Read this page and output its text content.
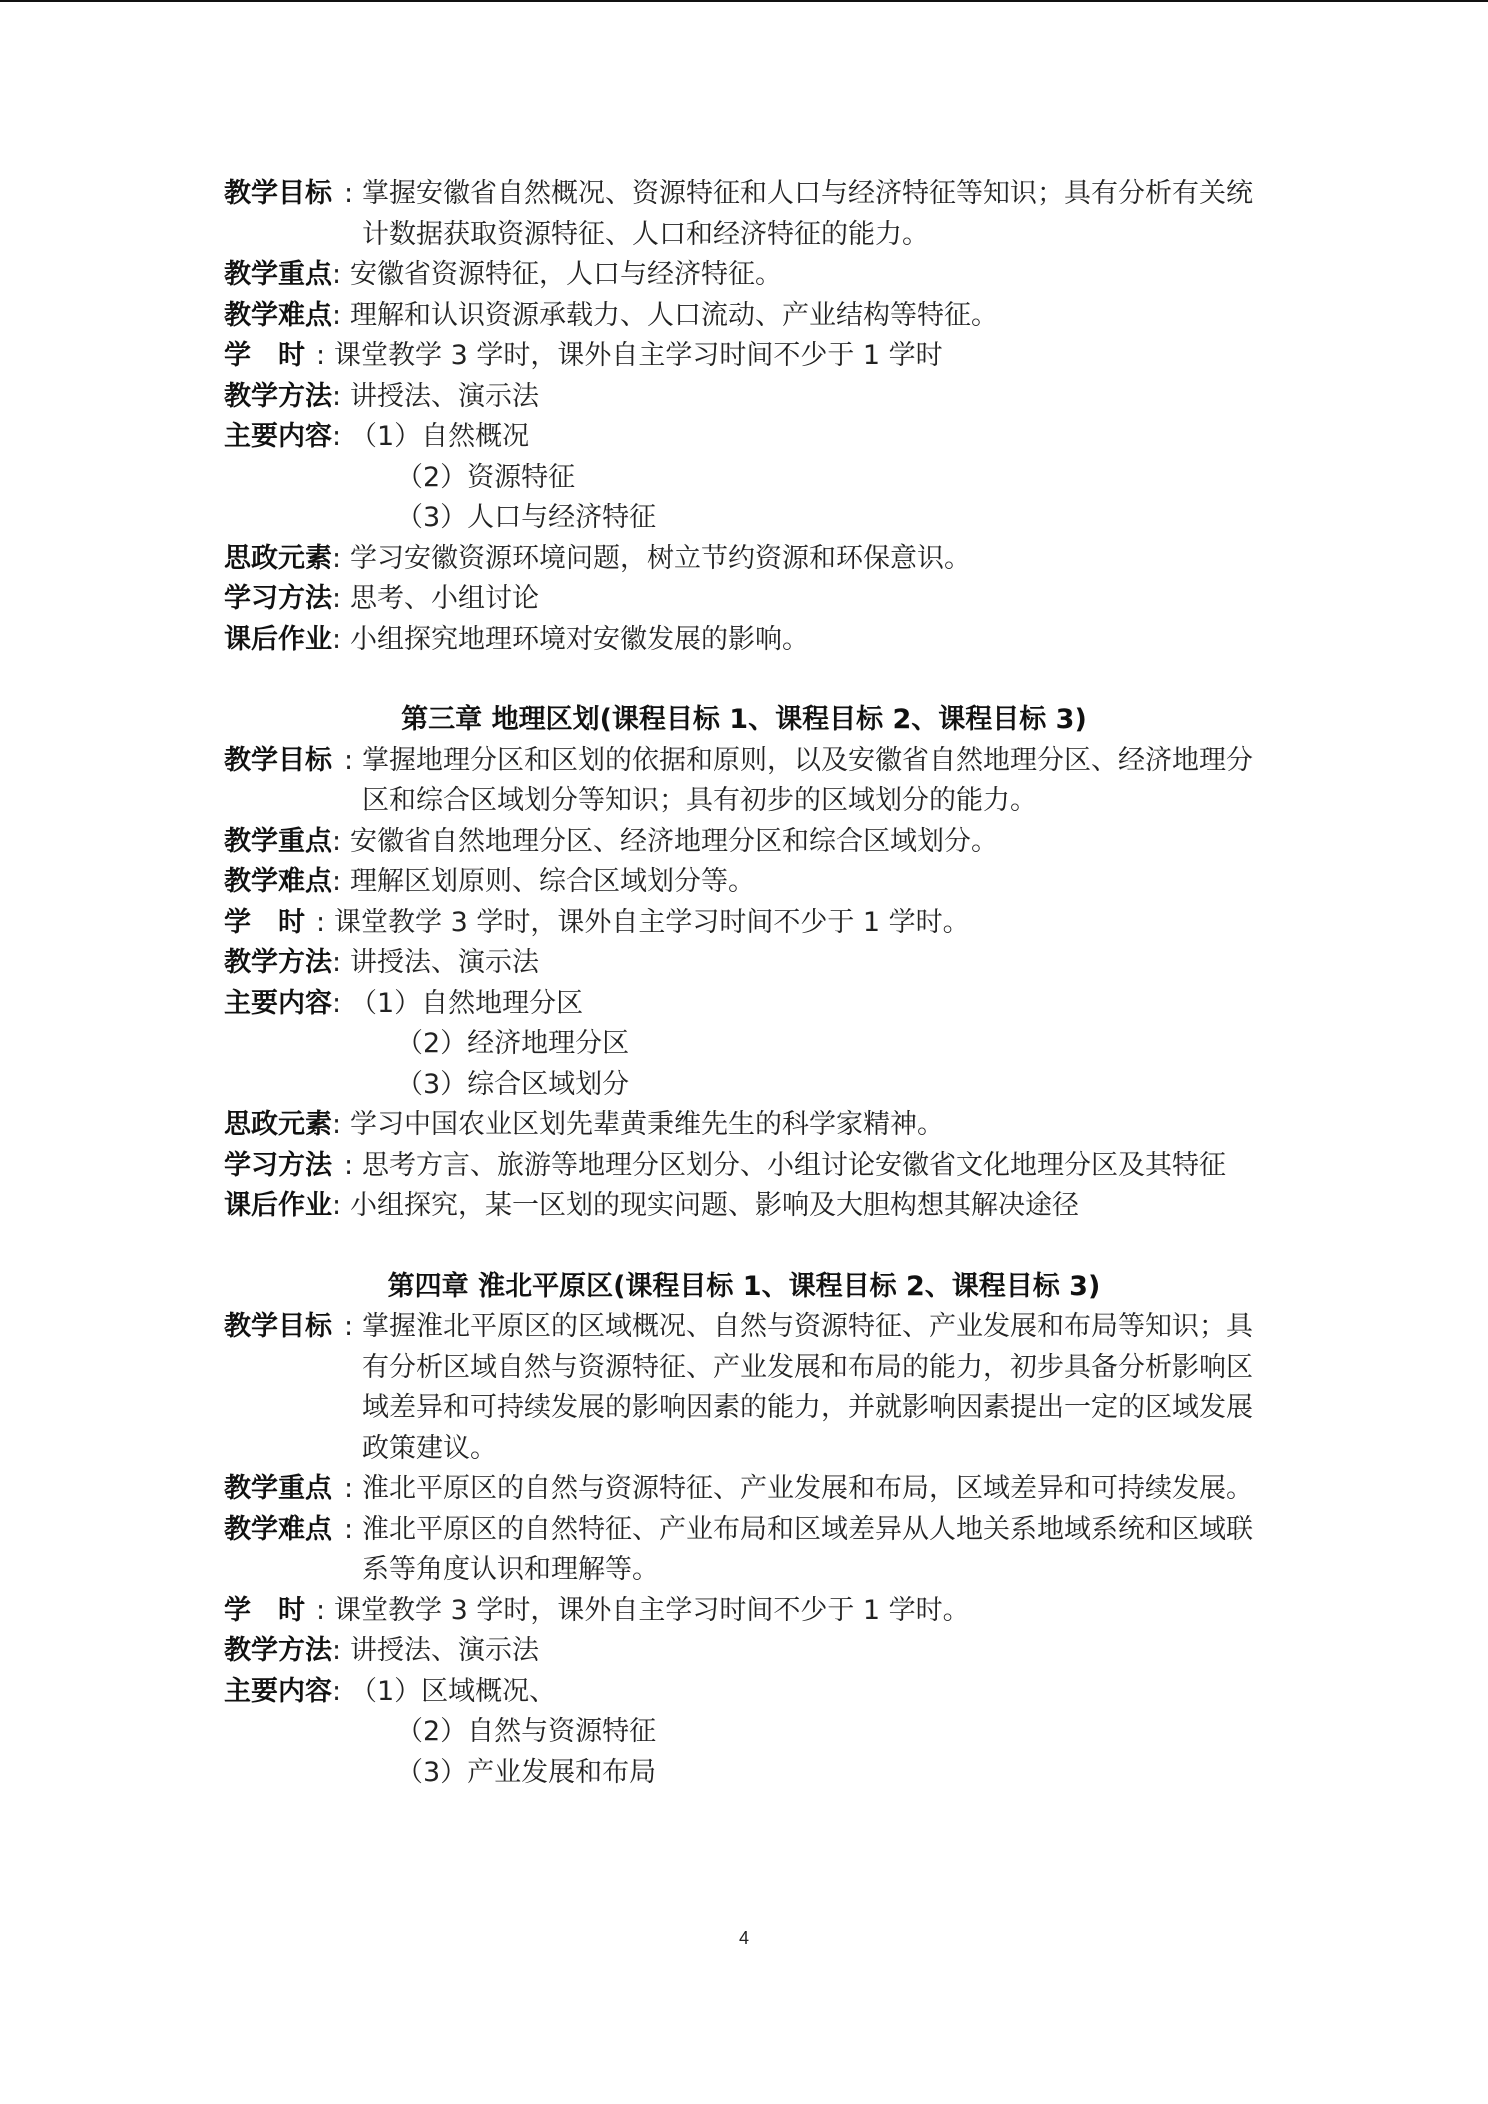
教学目标 :	掌握安徽省自然概况、资源特征和人口与经济特征等知识；具有分析有关统计数据获取资源特征、人口和经济特征的能力。
教学重点 : 安徽省资源特征，人口与经济特征。
教学难点 : 理解和认识资源承载力、人口流动、产业结构等特征。
学　时 :	课堂教学 3 学时，课外自主学习时间不少于 1 学时
教学方法 : 讲授法、演示法
主要内容 : （1）自然概况
（2）资源特征
（3）人口与经济特征
思政元素 : 学习安徽资源环境问题，树立节约资源和环保意识。
学习方法 : 思考、小组讨论
课后作业 : 小组探究地理环境对安徽发展的影响。
第三章 地理区划(课程目标 1、课程目标 2、课程目标 3)
教学目标 :	掌握地理分区和区划的依据和原则，以及安徽省自然地理分区、经济地理分区和综合区域划分等知识；具有初步的区域划分的能力。
教学重点 : 安徽省自然地理分区、经济地理分区和综合区域划分。
教学难点 : 理解区划原则、综合区域划分等。
学　时 :	课堂教学 3 学时，课外自主学习时间不少于 1 学时。
教学方法 : 讲授法、演示法
主要内容 : （1）自然地理分区
（2）经济地理分区
（3）综合区域划分
思政元素 : 学习中国农业区划先辈黄秉维先生的科学家精神。
学习方法 :	思考方言、旅游等地理分区划分、小组讨论安徽省文化地理分区及其特征
课后作业 : 小组探究，某一区划的现实问题、影响及大胆构想其解决途径
第四章 淮北平原区(课程目标 1、课程目标 2、课程目标 3)
教学目标 :	掌握淮北平原区的区域概况、自然与资源特征、产业发展和布局等知识；具有分析区域自然与资源特征、产业发展和布局的能力，初步具备分析影响区域差异和可持续发展的影响因素的能力，并就影响因素提出一定的区域发展政策建议。
教学重点 :	淮北平原区的自然与资源特征、产业发展和布局，区域差异和可持续发展。
教学难点 :	淮北平原区的自然特征、产业布局和区域差异从人地关系地域系统和区域联系等角度认识和理解等。
学　时 :	课堂教学 3 学时，课外自主学习时间不少于 1 学时。
教学方法 : 讲授法、演示法
主要内容 : （1）区域概况、
（2）自然与资源特征
（3）产业发展和布局
4
